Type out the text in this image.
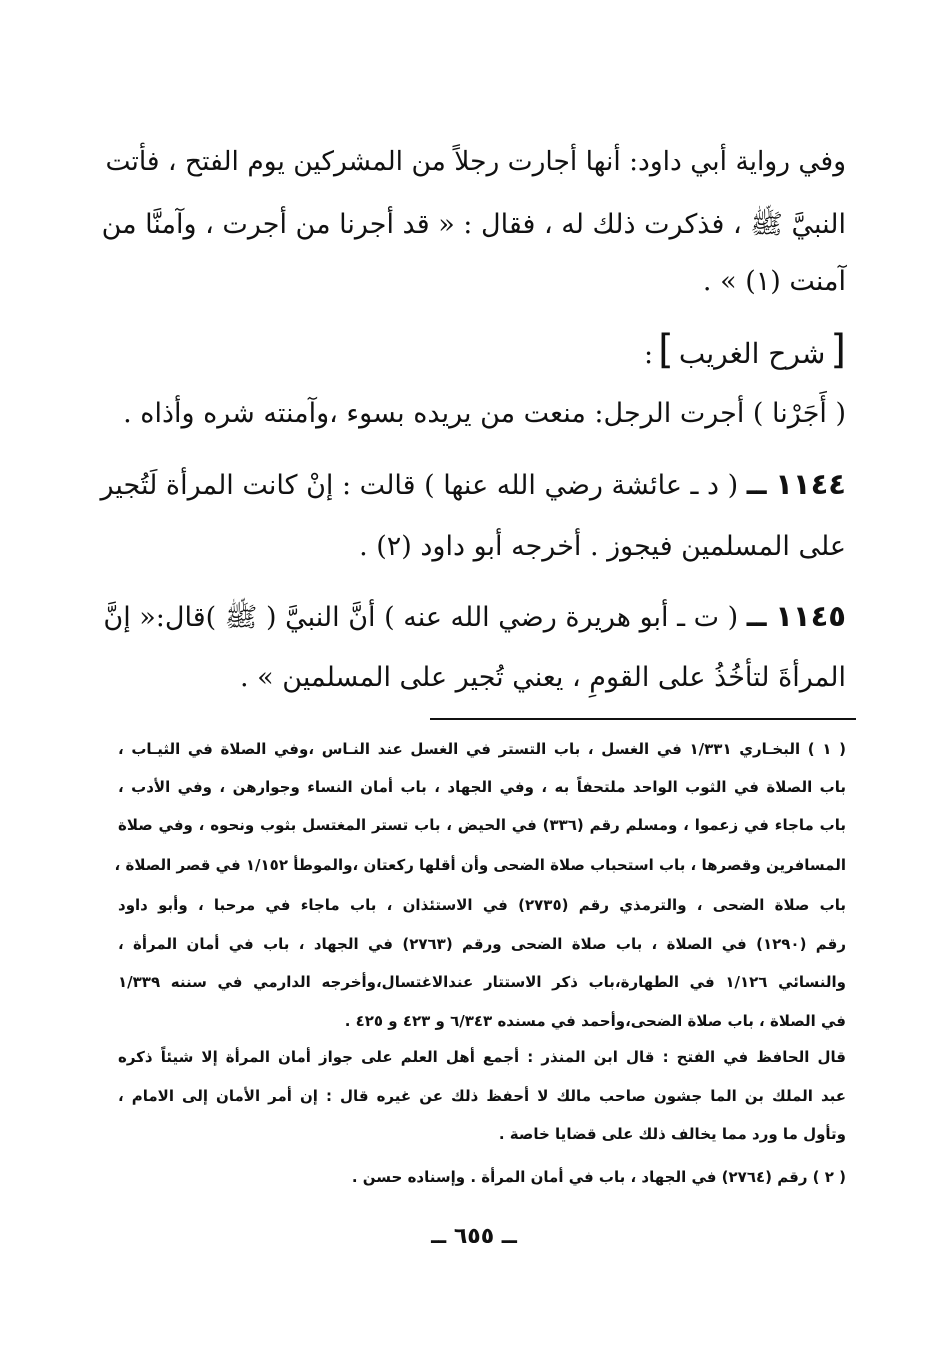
وفي رواية أبي داود: أنها أجارت رجلاً من المشركين يوم الفتح ، فأتت
النبيَّ ﷺ ، فذكرت ذلك له ، فقال : « قد أجرنا من أجرت ، وآمنَّا من
آمنت (١) » .
[ شرح الغريب ] :
( أَجَرْنا ) أجرت الرجل: منعت من يريده بسوء ،وآمنته شره وأذاه .
١١٤٤ ــ ( د ـ عائشة رضي الله عنها ) قالت : إنْ كانت المرأة لَتُجير
على المسلمين فيجوز . أخرجه أبو داود (٢) .
١١٤٥ ــ ( ت ـ أبو هريرة رضي الله عنه ) أنَّ النبيَّ ( ﷺ )قال:« إنَّ
المرأةَ لتأخُذُ على القومِ ، يعني تُجير على المسلمين » .
( ١ ) البخـاري ١/٣٣١ في الغسل ، باب التستر في الغسل عند النـاس ،وفي الصلاة في الثيـاب ،
باب الصلاة في الثوب الواحد ملتحفاً به ، وفي الجهاد ، باب أمان النساء وجوارهن ، وفي الأدب ،
باب ماجاء في زعموا ، ومسلم رقم (٣٣٦) في الحيض ، باب تستر المغتسل بثوب ونحوه ، وفي صلاة
المسافرين وقصرها ، باب استحباب صلاة الضحى وأن أقلها ركعتان ،والموطأ ١/١٥٢ في قصر الصلاة ،
باب صلاة الضحى ، والترمذي رقم (٢٧٣٥) في الاستئذان ، باب ماجاء في مرحبا ، وأبو داود
رقم (١٢٩٠) في الصلاة ، باب صلاة الضحى ورقم (٢٧٦٣) في الجهاد ، باب في أمان المرأة ،
والنسائي ١/١٢٦ في الطهارة،باب ذكر الاستتار عندالاغتسال،وأخرجه الدارمي في سننه ١/٣٣٩
في الصلاة ، باب صلاة الضحى،وأحمد في مسنده ٦/٣٤٣ و ٤٢٣ و ٤٢٥ .
قال الحافظ في الفتح : قال ابن المنذر : أجمع أهل العلم على جواز أمان المرأة إلا شيئاً ذكره
عبد الملك بن الما جشون صاحب مالك لا أحفظ ذلك عن غيره قال : إن أمر الأمان إلى الامام ،
وتأول ما ورد مما يخالف ذلك على قضايا خاصة .
( ٢ ) رقم (٢٧٦٤) في الجهاد ، باب في أمان المرأة . وإسناده حسن .
ــ ٦٥٥ ــ
